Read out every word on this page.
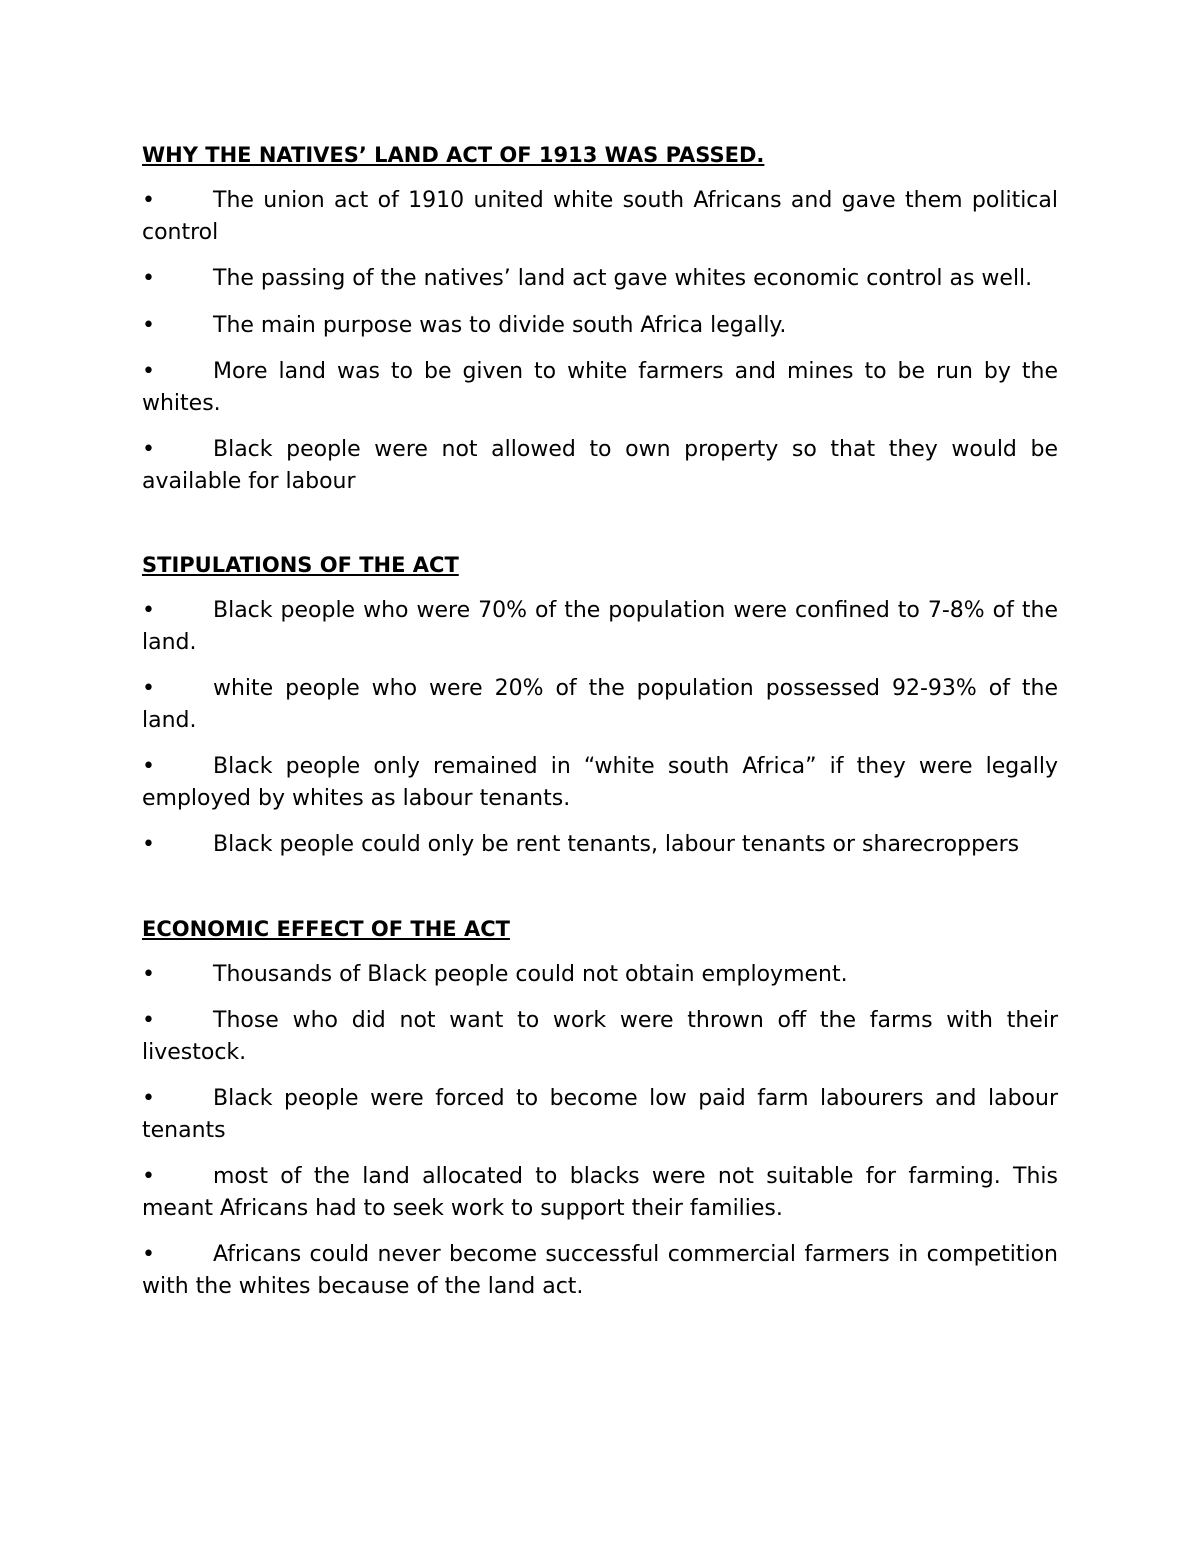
WHY THE NATIVES’ LAND ACT OF 1913 WAS PASSED.
•	The union act of 1910 united white south Africans and gave them political control
•	The passing of the natives’ land act gave whites economic control as well.
•	The main purpose was to divide south Africa legally.
•	More land was to be given to white farmers and mines to be run by the whites.
•	Black people were not allowed to own property so that they would be available for labour
STIPULATIONS OF THE ACT
•	Black people who were 70% of the population were confined to 7-8% of the land.
•	white people who were 20% of the population possessed 92-93% of the land.
•	Black people only remained in “white south Africa” if they were legally employed by whites as labour tenants.
•	Black people could only be rent tenants, labour tenants or sharecroppers
ECONOMIC EFFECT OF THE ACT
•	Thousands of Black people could not obtain employment.
•	Those who did not want to work were thrown off the farms with their livestock.
•	Black people were forced to become low paid farm labourers and labour tenants
•	most of the land allocated to blacks were not suitable for farming. This meant Africans had to seek work to support their families.
•	Africans could never become successful commercial farmers in competition with the whites because of the land act.
